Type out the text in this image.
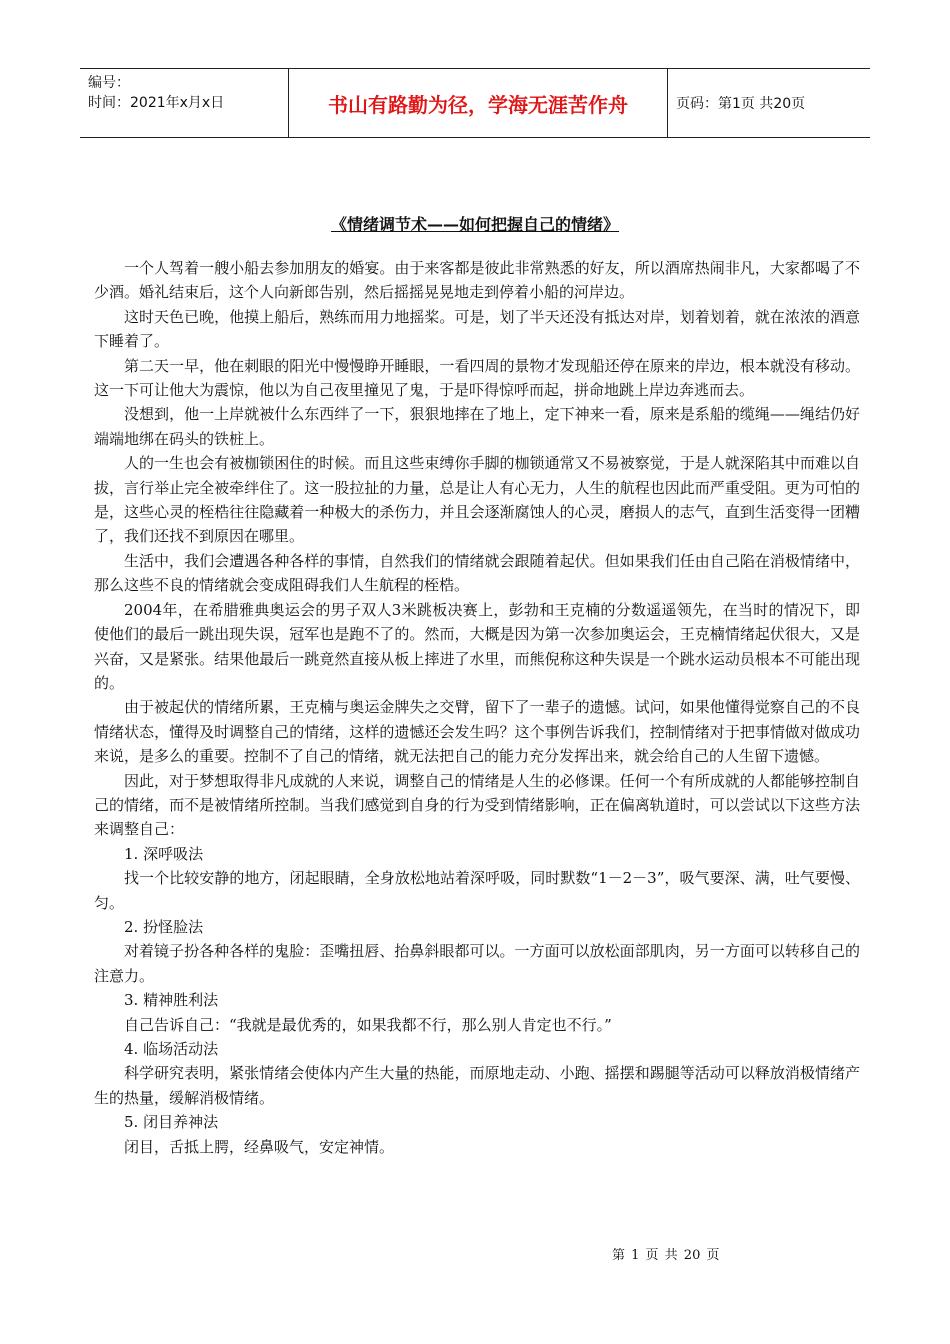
编号：
时间：2021年x月x日	书山有路勤为径，学海无涯苦作舟	页码：第1页 共20页
《情绪调节术——如何把握自己的情绪》

一个人驾着一艘小船去参加朋友的婚宴。由于来客都是彼此非常熟悉的好友，所以酒席热闹非凡，大家都喝了不少酒。婚礼结束后，这个人向新郎告别，然后摇摇晃晃地走到停着小船的河岸边。

这时天色已晚，他摸上船后，熟练而用力地摇桨。可是，划了半天还没有抵达对岸，划着划着，就在浓浓的酒意下睡着了。

第二天一早，他在刺眼的阳光中慢慢睁开睡眼，一看四周的景物才发现船还停在原来的岸边，根本就没有移动。这一下可让他大为震惊，他以为自己夜里撞见了鬼，于是吓得惊呼而起，拼命地跳上岸边奔逃而去。

没想到，他一上岸就被什么东西绊了一下，狠狠地摔在了地上，定下神来一看，原来是系船的缆绳——绳结仍好端端地绑在码头的铁桩上。

人的一生也会有被枷锁困住的时候。而且这些束缚你手脚的枷锁通常又不易被察觉，于是人就深陷其中而难以自拔，言行举止完全被牵绊住了。这一股拉扯的力量，总是让人有心无力，人生的航程也因此而严重受阻。更为可怕的是，这些心灵的桎梏往往隐藏着一种极大的杀伤力，并且会逐渐腐蚀人的心灵，磨损人的志气，直到生活变得一团糟了，我们还找不到原因在哪里。

生活中，我们会遭遇各种各样的事情，自然我们的情绪就会跟随着起伏。但如果我们任由自己陷在消极情绪中，那么这些不良的情绪就会变成阻碍我们人生航程的桎梏。

2004年，在希腊雅典奥运会的男子双人3米跳板决赛上，彭勃和王克楠的分数遥遥领先，在当时的情况下，即使他们的最后一跳出现失误，冠军也是跑不了的。然而，大概是因为第一次参加奥运会，王克楠情绪起伏很大，又是兴奋，又是紧张。结果他最后一跳竟然直接从板上摔进了水里，而熊倪称这种失误是一个跳水运动员根本不可能出现的。

由于被起伏的情绪所累，王克楠与奥运金牌失之交臂，留下了一辈子的遗憾。试问，如果他懂得觉察自己的不良情绪状态，懂得及时调整自己的情绪，这样的遗憾还会发生吗？这个事例告诉我们，控制情绪对于把事情做对做成功来说，是多么的重要。控制不了自己的情绪，就无法把自己的能力充分发挥出来，就会给自己的人生留下遗憾。

因此，对于梦想取得非凡成就的人来说，调整自己的情绪是人生的必修课。任何一个有所成就的人都能够控制自己的情绪，而不是被情绪所控制。当我们感觉到自身的行为受到情绪影响，正在偏离轨道时，可以尝试以下这些方法来调整自己：

1. 深呼吸法

找一个比较安静的地方，闭起眼睛，全身放松地站着深呼吸，同时默数“1－2－3”，吸气要深、满，吐气要慢、匀。

2. 扮怪脸法

对着镜子扮各种各样的鬼脸：歪嘴扭唇、抬鼻斜眼都可以。一方面可以放松面部肌肉，另一方面可以转移自己的注意力。

3. 精神胜利法

自己告诉自己：“我就是最优秀的，如果我都不行，那么别人肯定也不行。”

4. 临场活动法

科学研究表明，紧张情绪会使体内产生大量的热能，而原地走动、小跑、摇摆和踢腿等活动可以释放消极情绪产生的热量，缓解消极情绪。

5. 闭目养神法

闭目，舌抵上腭，经鼻吸气，安定神情。

第 1 页 共 20 页
